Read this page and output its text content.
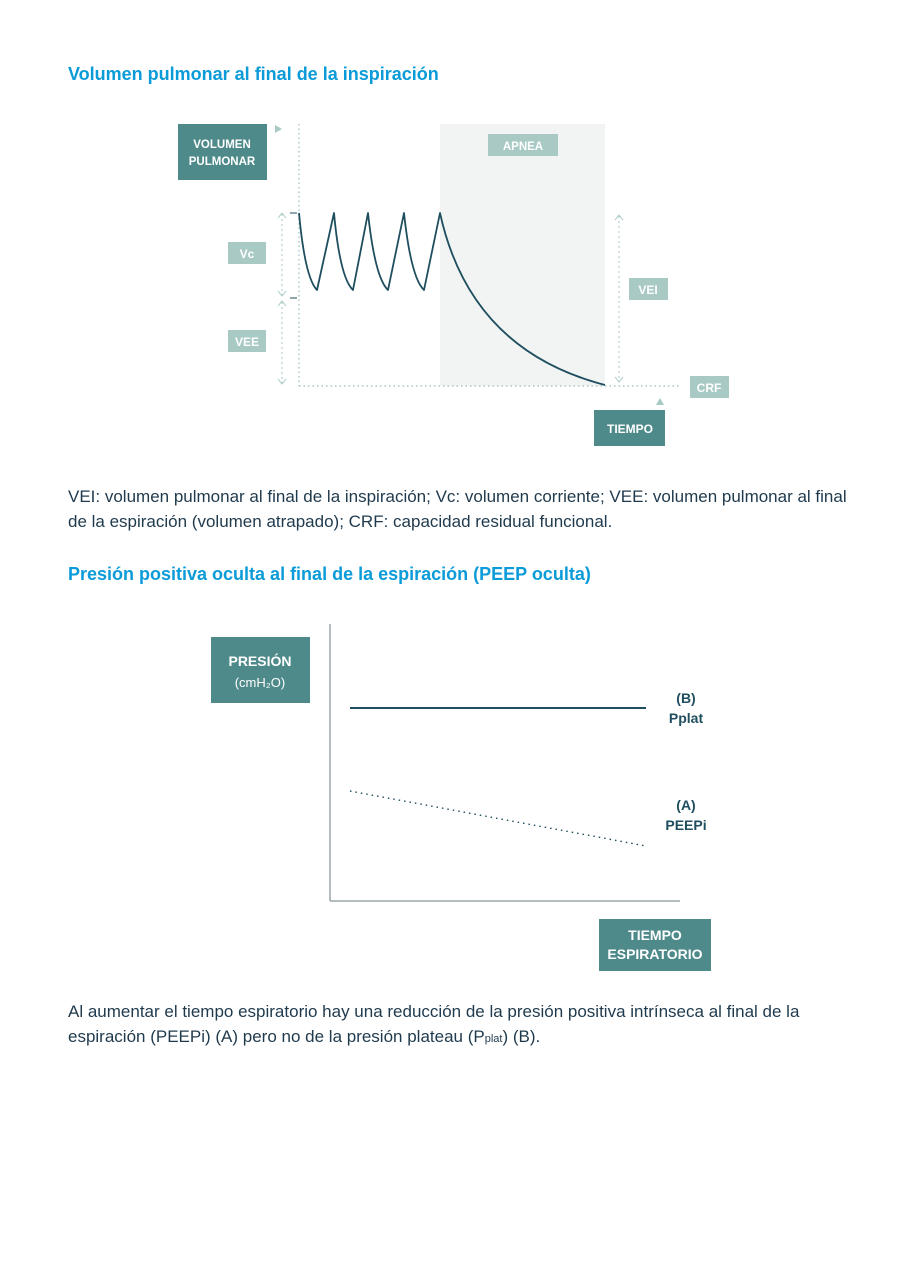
Volumen pulmonar al final de la inspiración
VOLUMEN
PULMONAR
APNEA
Vc
VEE
VEI
CRF
TIEMPO

VEI: volumen pulmonar al final de la inspiración; Vc: volumen corriente; VEE: volumen pulmonar al final de la espiración (volumen atrapado); CRF: capacidad residual funcional.

Presión positiva oculta al final de la espiración (PEEP oculta)
PRESIÓN
(cmH₂O)
(B)
Pplat
(A)
PEEPi
TIEMPO
ESPIRATORIO

Al aumentar el tiempo espiratorio hay una reducción de la presión positiva intrínseca al final de la espiración (PEEPi) (A) pero no de la presión plateau (Pplat) (B).
